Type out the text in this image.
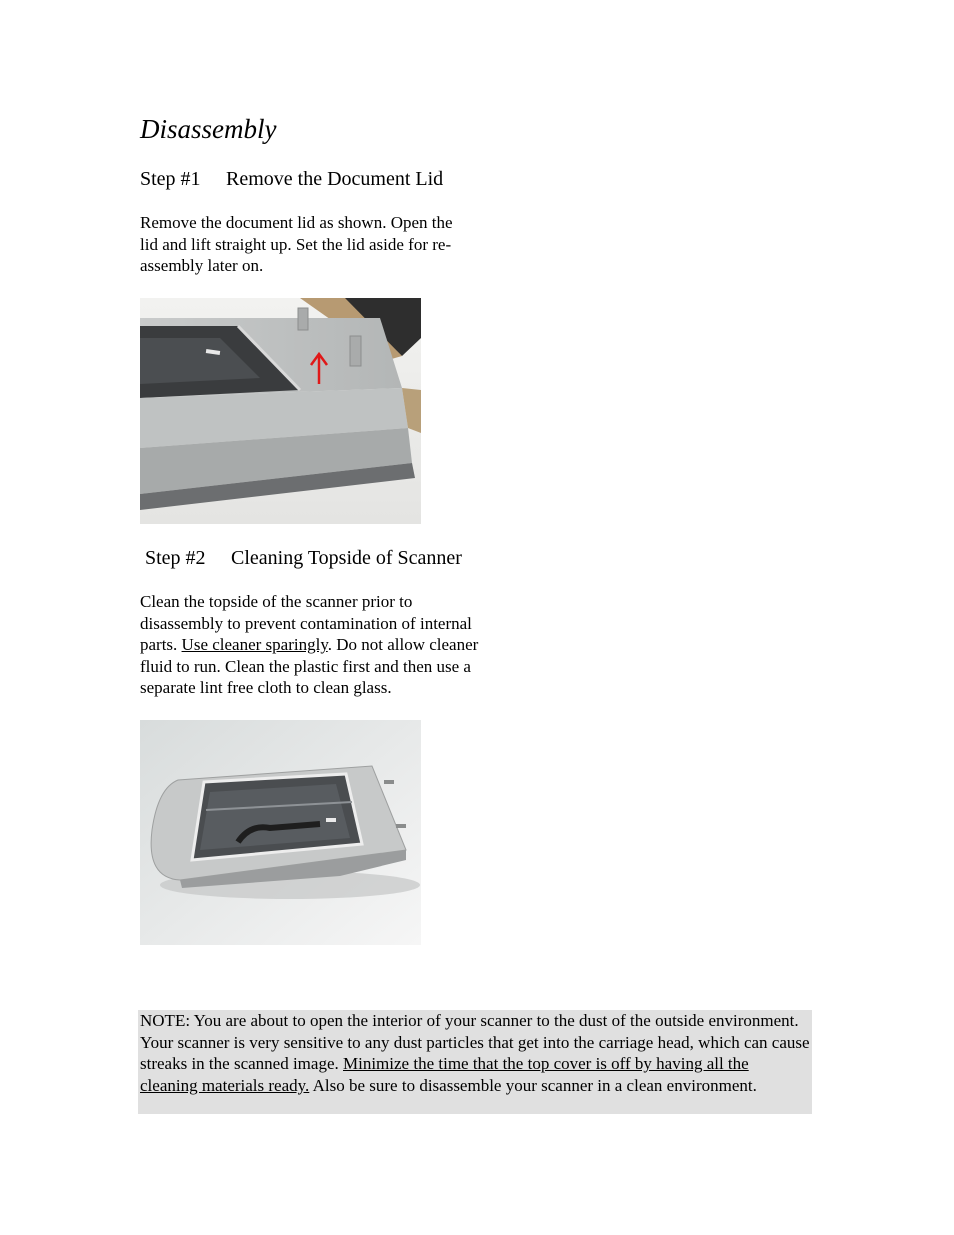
Disassembly
Step #1 Remove the Document Lid

Remove the document lid as shown. Open the lid and lift straight up. Set the lid aside for re-assembly later on.

Step #2 Cleaning Topside of Scanner

Clean the topside of the scanner prior to disassembly to prevent contamination of internal parts. Use cleaner sparingly. Do not allow cleaner fluid to run. Clean the plastic first and then use a separate lint free cloth to clean glass.

NOTE: You are about to open the interior of your scanner to the dust of the outside environment. Your scanner is very sensitive to any dust particles that get into the carriage head, which can cause streaks in the scanned image. Minimize the time that the top cover is off by having all the cleaning materials ready. Also be sure to disassemble your scanner in a clean environment.
